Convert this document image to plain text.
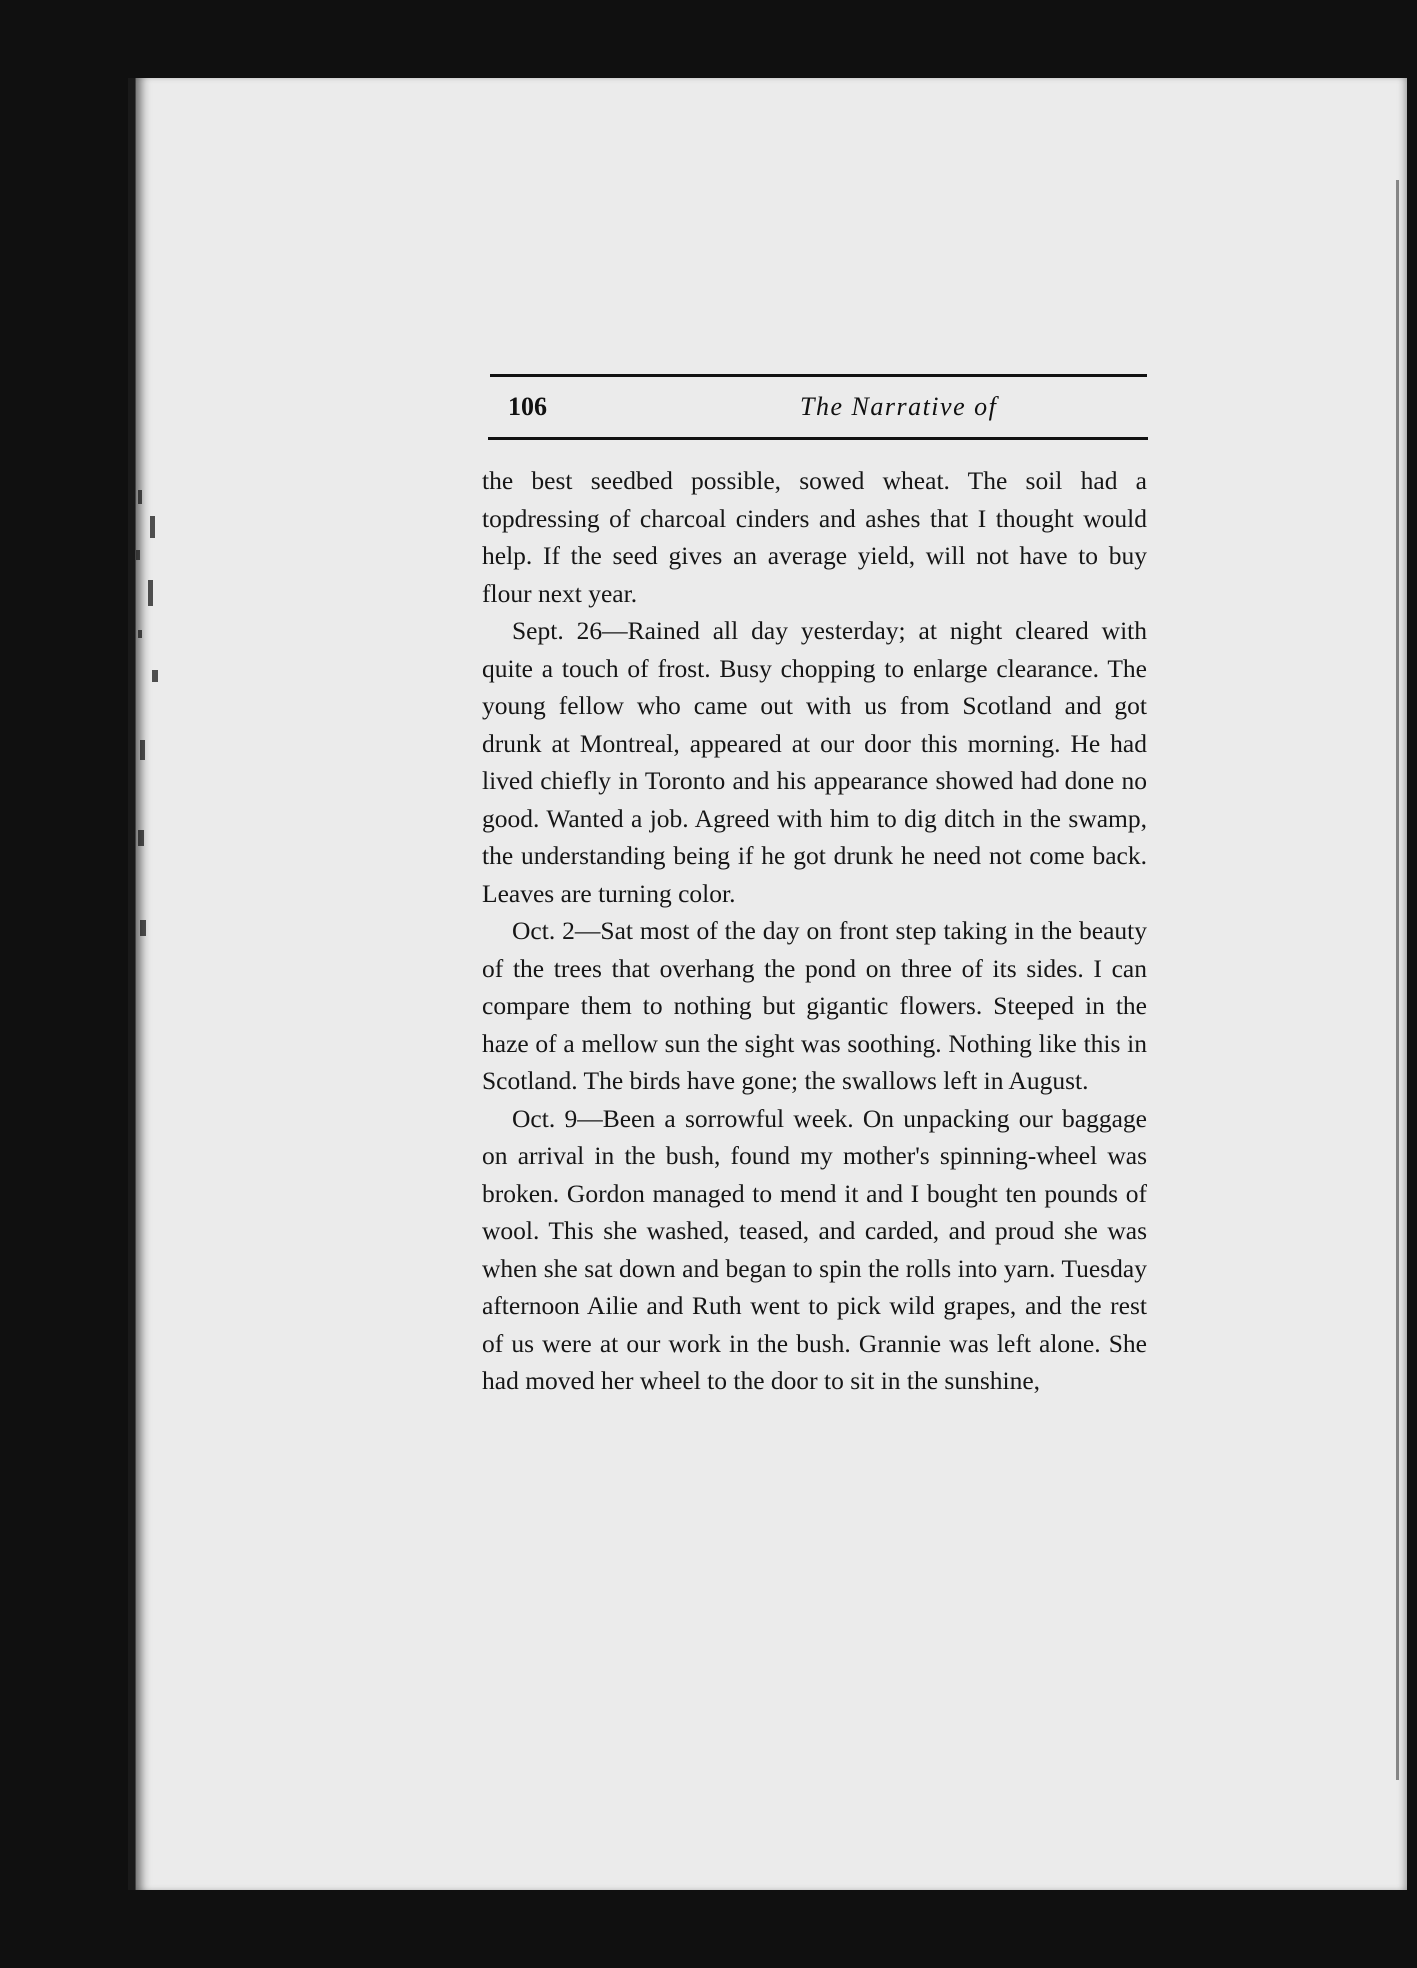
106	The Narrative of

the best seedbed possible, sowed wheat. The soil had a topdressing of charcoal cinders and ashes that I thought would help. If the seed gives an average yield, will not have to buy flour next year.

Sept. 26—Rained all day yesterday; at night cleared with quite a touch of frost. Busy chopping to enlarge clearance. The young fellow who came out with us from Scotland and got drunk at Montreal, appeared at our door this morning. He had lived chiefly in Toronto and his appearance showed had done no good. Wanted a job. Agreed with him to dig ditch in the swamp, the understanding being if he got drunk he need not come back. Leaves are turning color.

Oct. 2—Sat most of the day on front step taking in the beauty of the trees that overhang the pond on three of its sides. I can compare them to nothing but gigantic flowers. Steeped in the haze of a mellow sun the sight was soothing. Nothing like this in Scotland. The birds have gone; the swallows left in August.

Oct. 9—Been a sorrowful week. On unpacking our baggage on arrival in the bush, found my mother's spinning-wheel was broken. Gordon managed to mend it and I bought ten pounds of wool. This she washed, teased, and carded, and proud she was when she sat down and began to spin the rolls into yarn. Tuesday afternoon Ailie and Ruth went to pick wild grapes, and the rest of us were at our work in the bush. Grannie was left alone. She had moved her wheel to the door to sit in the sunshine,
